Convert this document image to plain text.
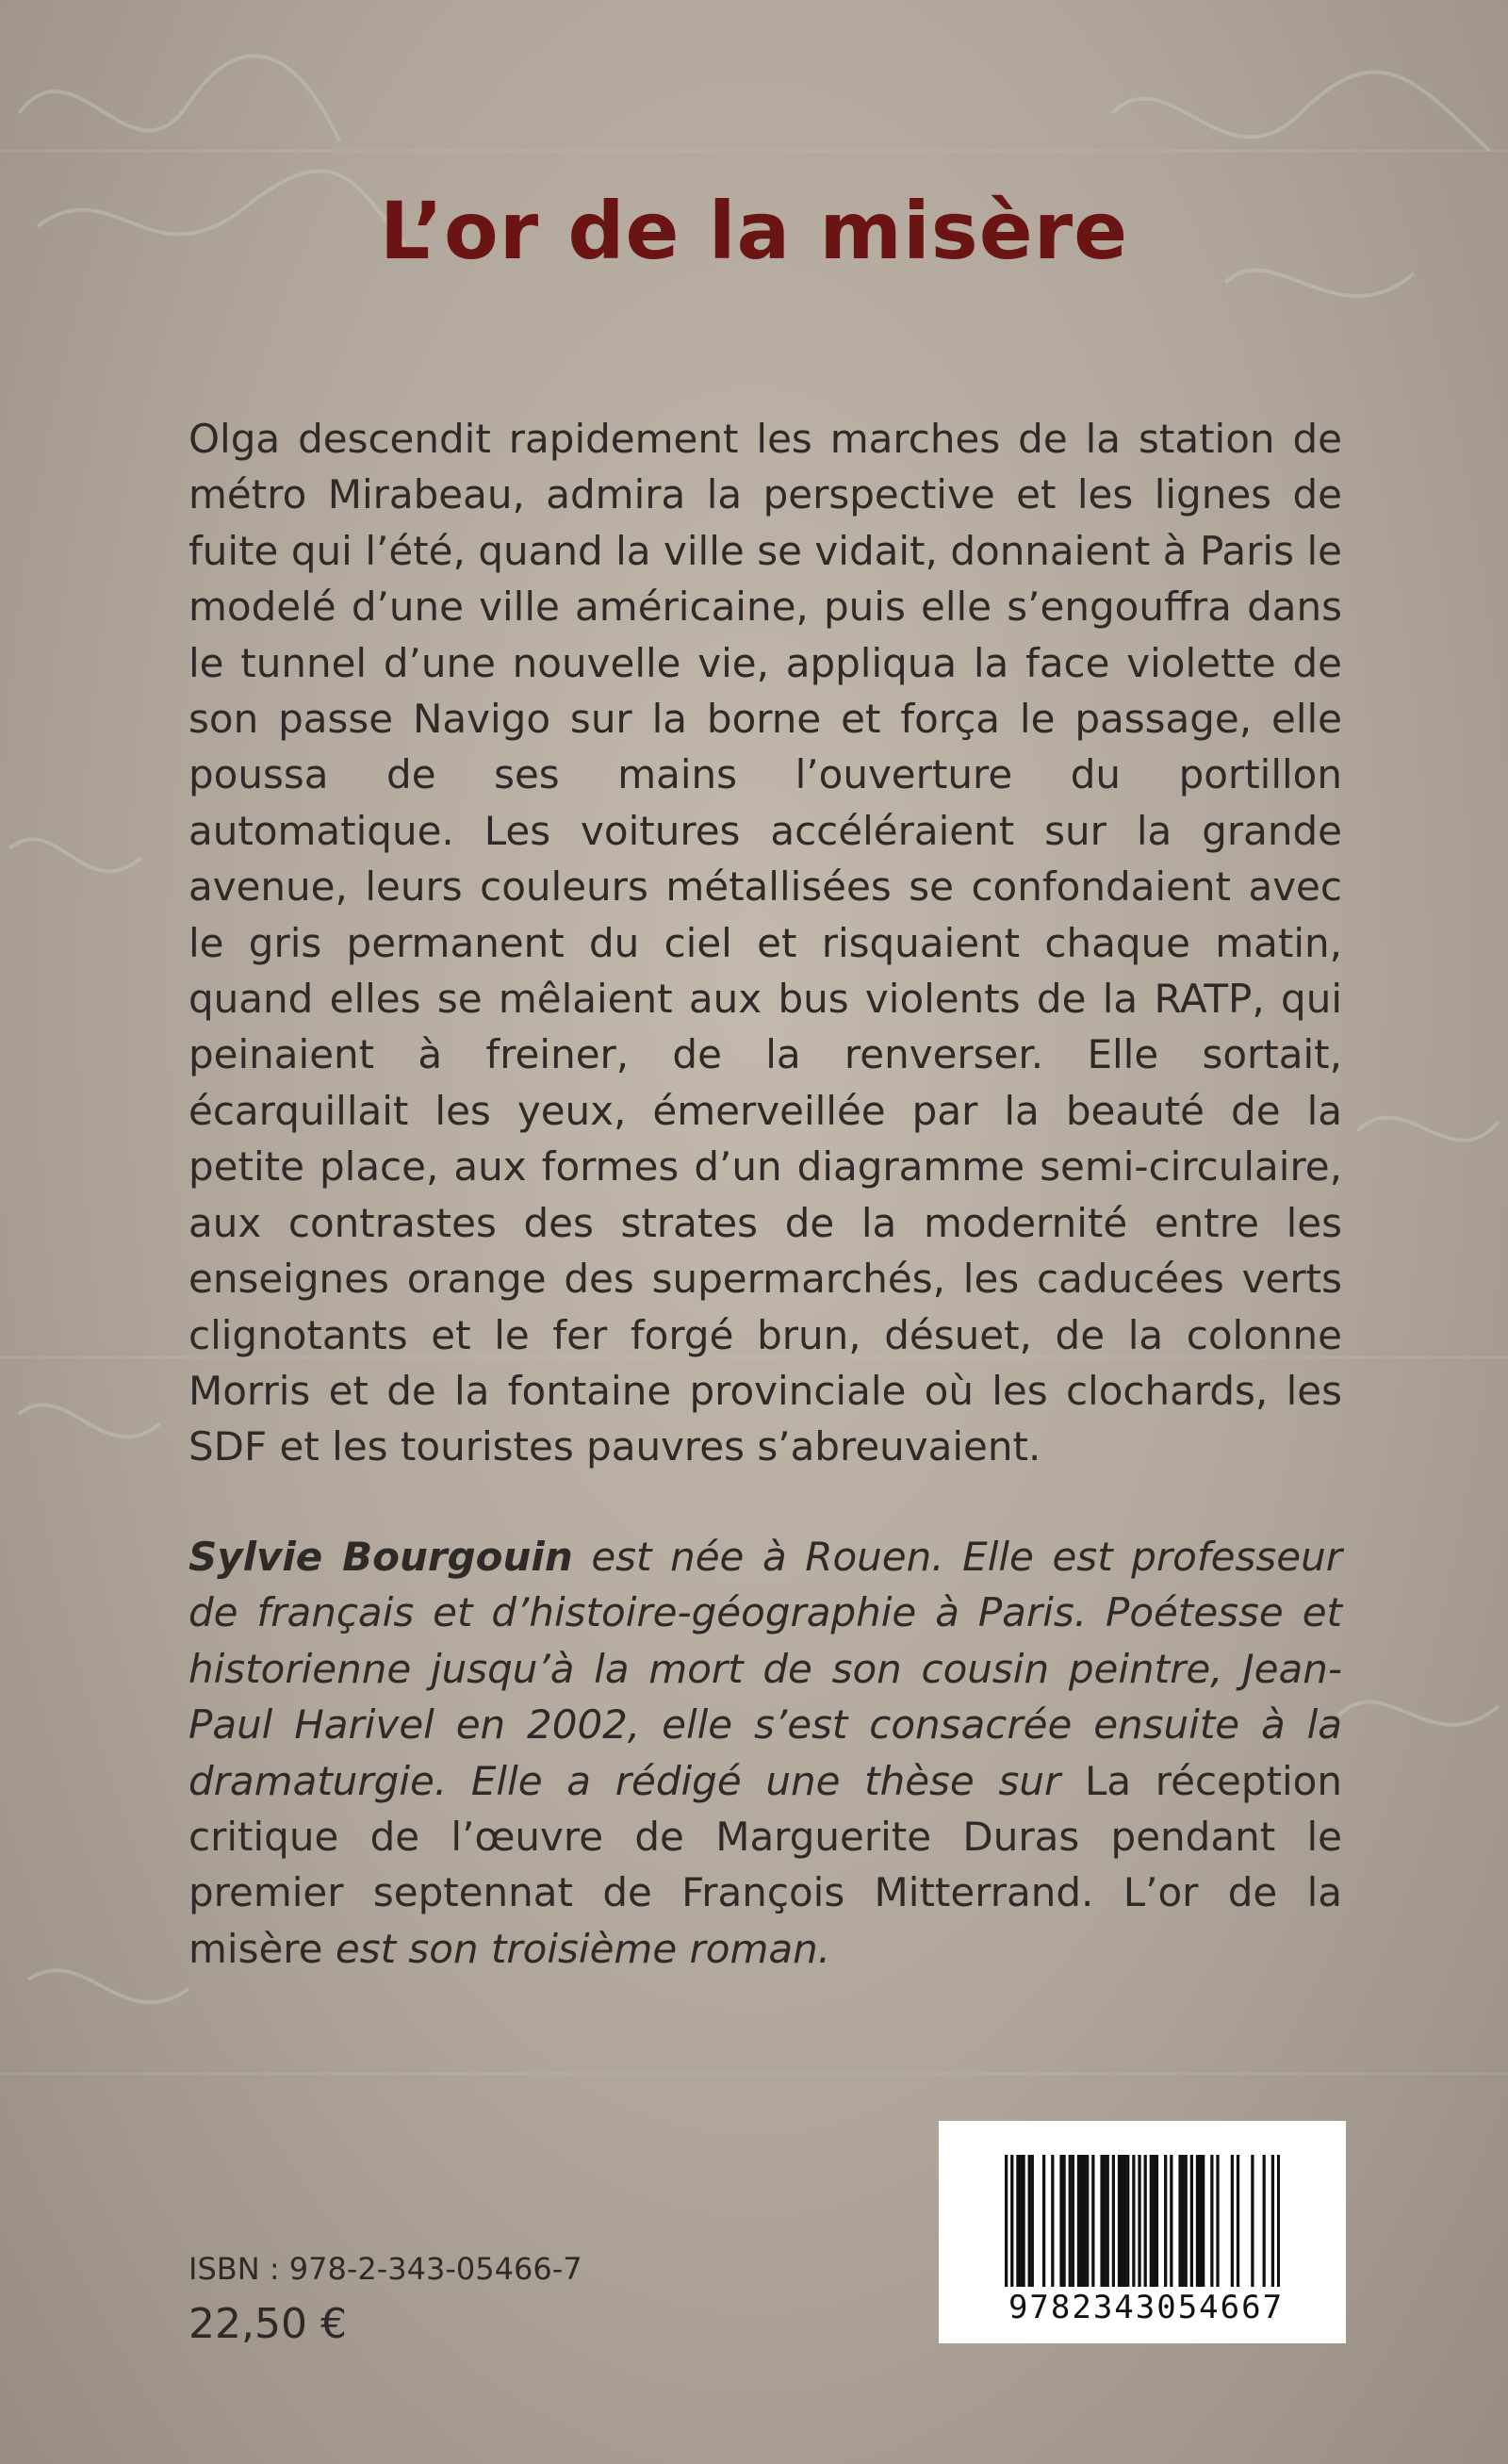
L’or de la misère

Olga descendit rapidement les marches de la station de métro Mirabeau, admira la perspective et les lignes de fuite qui l’été, quand la ville se vidait, donnaient à Paris le modelé d’une ville américaine, puis elle s’engouffra dans le tunnel d’une nouvelle vie, appliqua la face violette de son passe Navigo sur la borne et força le passage, elle poussa de ses mains l’ouverture du portillon automatique. Les voitures accéléraient sur la grande avenue, leurs couleurs métallisées se confondaient avec le gris permanent du ciel et risquaient chaque matin, quand elles se mêlaient aux bus violents de la RATP, qui peinaient à freiner, de la renverser. Elle sortait, écarquillait les yeux, émerveillée par la beauté de la petite place, aux formes d’un diagramme semi-circulaire, aux contrastes des strates de la modernité entre les enseignes orange des supermarchés, les caducées verts clignotants et le fer forgé brun, désuet, de la colonne Morris et de la fontaine provinciale où les clochards, les SDF et les touristes pauvres s’abreuvaient.

Sylvie Bourgouin est née à Rouen. Elle est professeur de français et d’histoire-géographie à Paris. Poétesse et historienne jusqu’à la mort de son cousin peintre, Jean-Paul Harivel en 2002, elle s’est consacrée ensuite à la dramaturgie. Elle a rédigé une thèse sur La réception critique de l’œuvre de Marguerite Duras pendant le premier septennat de François Mitterrand. L’or de la misère est son troisième roman.

ISBN : 978-2-343-05466-7
22,50 €	9782343054667
